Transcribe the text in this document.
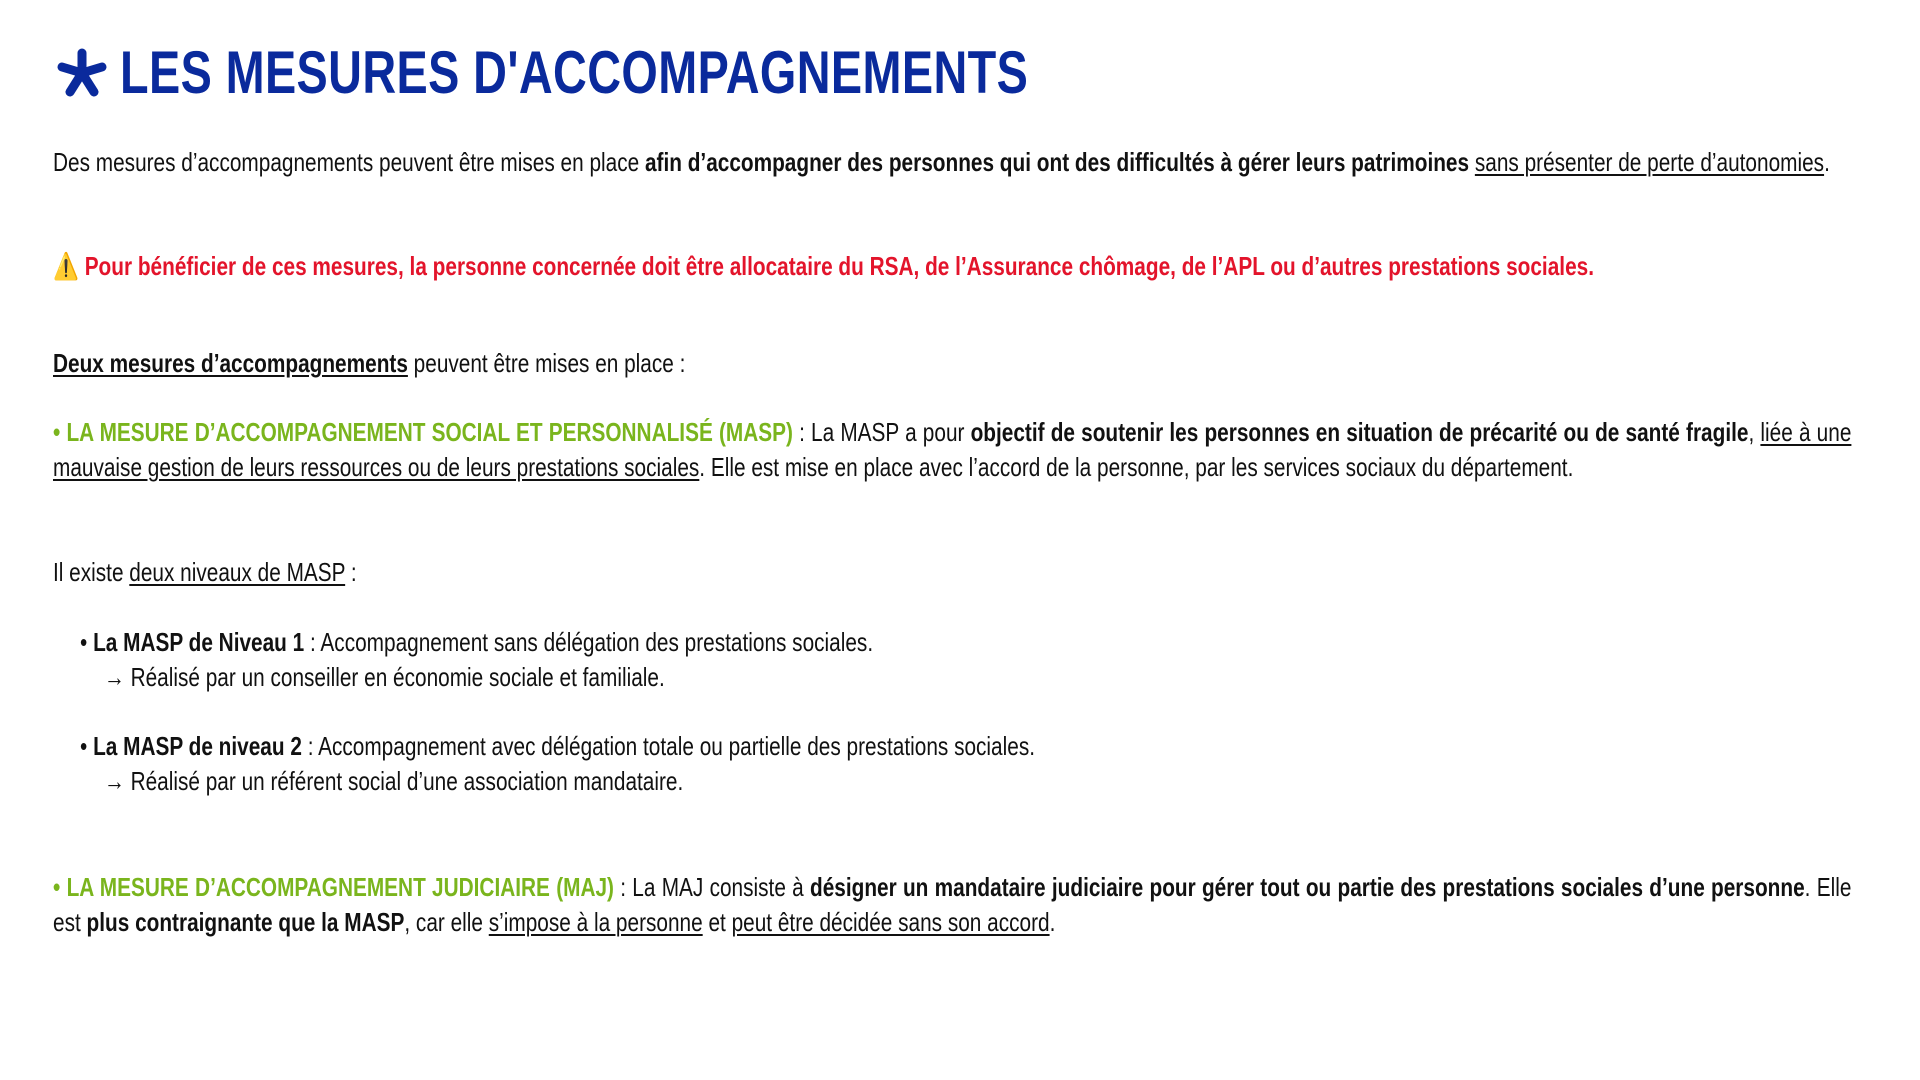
LES MESURES D'ACCOMPAGNEMENTS
Des mesures d’accompagnements peuvent être mises en place afin d’accompagner des personnes qui ont des difficultés à gérer leurs patrimoines sans présenter de perte d’autonomies.
⚠️ Pour bénéficier de ces mesures, la personne concernée doit être allocataire du RSA, de l’Assurance chômage, de l’APL ou d’autres prestations sociales.
Deux mesures d’accompagnements peuvent être mises en place :
• LA MESURE D’ACCOMPAGNEMENT SOCIAL ET PERSONNALISÉ (MASP) : La MASP a pour objectif de soutenir les personnes en situation de précarité ou de santé fragile, liée à une mauvaise gestion de leurs ressources ou de leurs prestations sociales. Elle est mise en place avec l’accord de la personne, par les services sociaux du département.
Il existe deux niveaux de MASP :
• La MASP de Niveau 1 : Accompagnement sans délégation des prestations sociales.
→ Réalisé par un conseiller en économie sociale et familiale.
• La MASP de niveau 2 : Accompagnement avec délégation totale ou partielle des prestations sociales.
→ Réalisé par un référent social d’une association mandataire.
• LA MESURE D’ACCOMPAGNEMENT JUDICIAIRE (MAJ) : La MAJ consiste à désigner un mandataire judiciaire pour gérer tout ou partie des prestations sociales d’une personne. Elle est plus contraignante que la MASP, car elle s’impose à la personne et peut être décidée sans son accord.
